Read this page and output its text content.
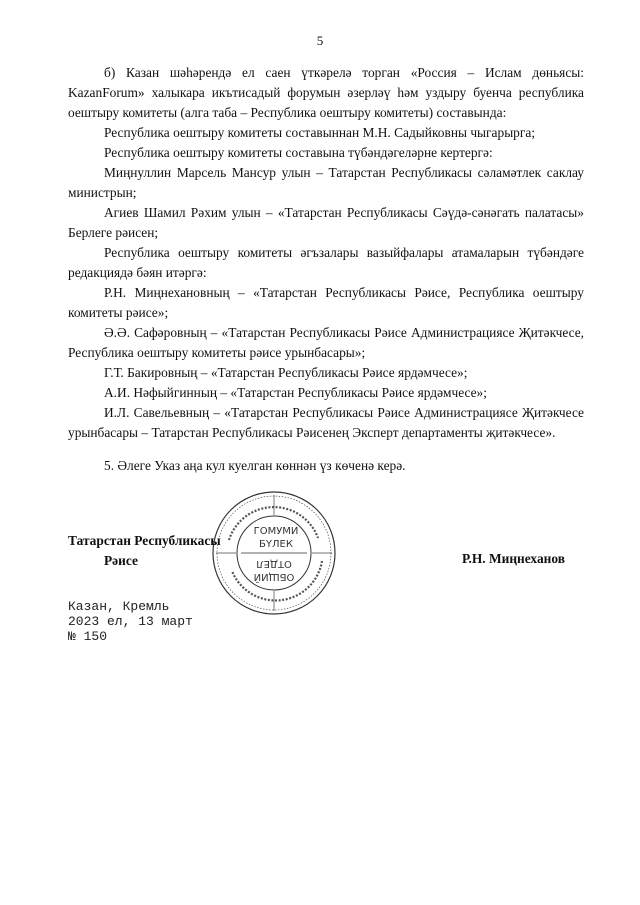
5

б) Казан шәһәрендә ел саен үткәрелә торган «Россия – Ислам дөньясы: KazanForum» халыкара икътисадый форумын әзерләү һәм уздыру буенча республика оештыру комитеты (алга таба – Республика оештыру комитеты) составында:

Республика оештыру комитеты составыннан М.Н. Садыйковны чыгарырга;

Республика оештыру комитеты составына түбәндәгеләрне кертергә:

Миңнуллин Марсель Мансур улын – Татарстан Республикасы сәламәтлек саклау министрын;

Агиев Шамил Рәхим улын – «Татарстан Республикасы Сәүдә-сәнәгать палатасы» Берлеге рәисен;

Республика оештыру комитеты әгъзалары вазыйфалары атамаларын түбәндәге редакциядә бәян итәргә:

Р.Н. Миңнехановның – «Татарстан Республикасы Рәисе, Республика оештыру комитеты рәисе»;

Ә.Ә. Сафәровның – «Татарстан Республикасы Рәисе Администрациясе Җитәкчесе, Республика оештыру комитеты рәисе урынбасары»;

Г.Т. Бакировның – «Татарстан Республикасы Рәисе ярдәмчесе»;

А.И. Нәфыйгинның – «Татарстан Республикасы Рәисе ярдәмчесе»;

И.Л. Савельевның – «Татарстан Республикасы Рәисе Администрациясе Җитәкчесе урынбасары – Татарстан Республикасы Рәисенең Эксперт департаменты җитәкчесе».

5. Әлеге Указ аңа кул куелган көннән үз көченә керә.

ГОМУМИ
БҮЛЕК
ОБЩИЙ
ОТДЕЛ
Татарстан Республикасы
Рәисе	Р.Н. Миңнеханов
Казан, Кремль
2023 ел, 13 март
№ 150
